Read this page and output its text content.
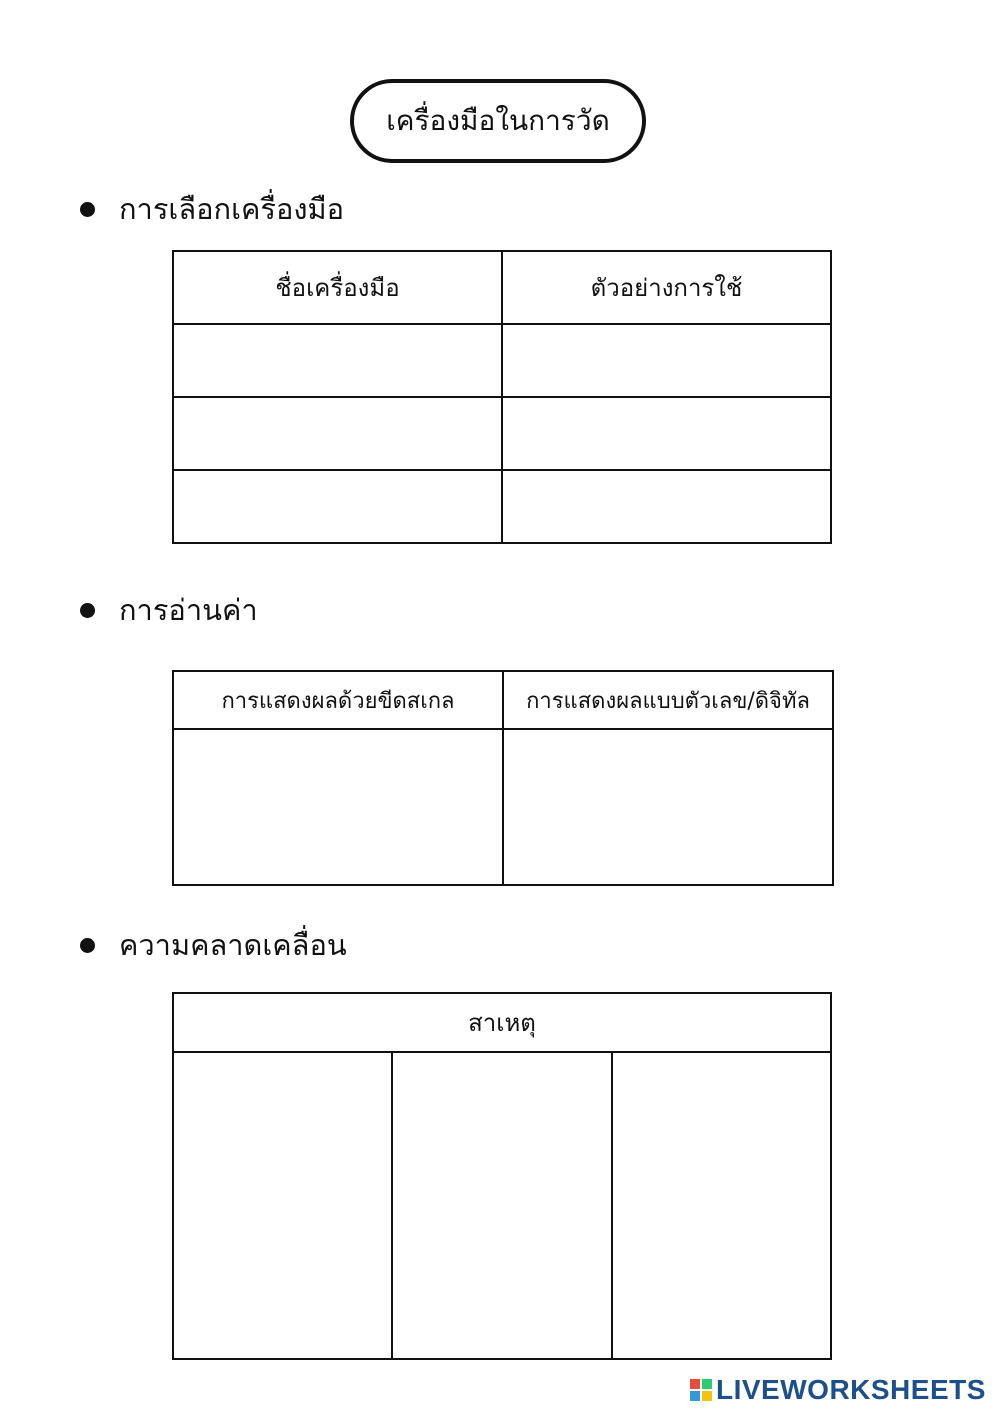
เครื่องมือในการวัด
การเลือกเครื่องมือ
ชื่อเครื่องมือ	ตัวอย่างการใช้

การอ่านค่า
การแสดงผลด้วยขีดสเกล	การแสดงผลแบบตัวเลข/ดิจิทัล

ความคลาดเคลื่อน
สาเหตุ

LIVEWORKSHEETS
